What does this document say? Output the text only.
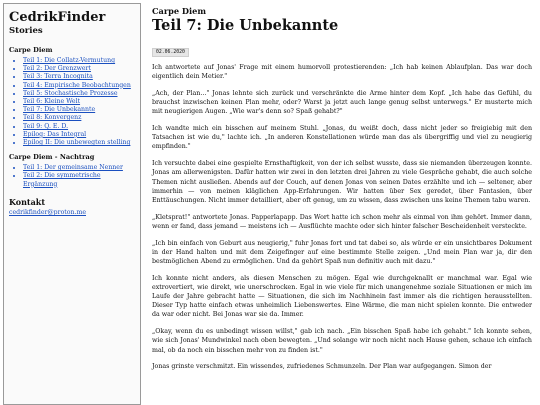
CedrikFinder
Stories
Carpe Diem
• Teil 1: Die Collatz-Vermutung
• Teil 2: Der Grenzwert
• Teil 3: Terra Incognita
• Teil 4: Empirische Beobachtungen
• Teil 5: Stochastische Prozesse
• Teil 6: Kleine Welt
• Teil 7: Die Unbekannte
• Teil 8: Konvergenz
• Teil 9: Q. E. D.
• Epilog: Das Integral
• Epilog II: Die unbewegten stelling
Carpe Diem - Nachtrag
• Teil 1: Der gemeinsame Nenner
• Teil 2: Die symmetrische Ergänzung
Kontakt
cedrikfinder@proton.me
Carpe Diem
Teil 7: Die Unbekannte
02.06.2020

Ich antwortete auf Jonas' Frage mit einem humorvoll protestierenden: „Ich hab keinen Ablaufplan. Das war doch eigentlich dein Metier."

„Ach, der Plan..." Jonas lehnte sich zurück und verschränkte die Arme hinter dem Kopf. „Ich habe das Gefühl, du brauchst inzwischen keinen Plan mehr, oder? Warst ja jetzt auch lange genug selbst unterwegs." Er musterte mich mit neugierigen Augen. „Wie war's denn so? Spaß gehabt?"

Ich wandte mich ein bisschen auf meinem Stuhl. „Jonas, du weißt doch, dass nicht jeder so freigiebig mit den Tatsachen ist wie du," lachte ich. „In anderen Konstellationen würde man das als übergriffig und viel zu neugierig empfinden."

Ich versuchte dabei eine gespielte Ernsthaftigkeit, von der ich selbst wusste, dass sie niemanden überzeugen konnte. Jonas am allerwenigsten. Dafür hatten wir zwei in den letzten drei Jahren zu viele Gespräche gehabt, die auch solche Themen nicht ausließen. Abends auf der Couch, auf denen Jonas von seinen Dates erzählte und ich — seltener, aber immerhin — von meinen kläglichen App-Erfahrungen. Wir hatten über Sex geredet, über Fantasien, über Enttäuschungen. Nicht immer detailliert, aber oft genug, um zu wissen, dass zwischen uns keine Themen tabu waren.

„Kletsprat!" antwortete Jonas. Papperlapapp. Das Wort hatte ich schon mehr als einmal von ihm gehört. Immer dann, wenn er fand, dass jemand — meistens ich — Ausflüchte machte oder sich hinter falscher Bescheidenheit versteckte.

„Ich bin einfach von Geburt aus neugierig," fuhr Jonas fort und tat dabei so, als würde er ein unsichtbares Dokument in der Hand halten und mit dem Zeigefinger auf eine bestimmte Stelle zeigen. „Und mein Plan war ja, dir den bestmöglichen Abend zu ermöglichen. Und da gehört Spaß nun definitiv auch mit dazu."

Ich konnte nicht anders, als diesen Menschen zu mögen. Egal wie durchgeknallt er manchmal war. Egal wie extrovertiert, wie direkt, wie unerschrocken. Egal in wie viele für mich unangenehme soziale Situationen er mich im Laufe der Jahre gebracht hatte — Situationen, die sich im Nachhinein fast immer als die richtigen herausstellten. Dieser Typ hatte einfach etwas unheimlich Liebenswertes. Eine Wärme, die man nicht spielen konnte. Die entweder da war oder nicht. Bei Jonas war sie da. Immer.

„Okay, wenn du es unbedingt wissen willst," gab ich nach. „Ein bisschen Spaß habe ich gehabt." Ich konnte sehen, wie sich Jonas' Mundwinkel nach oben bewegten. „Und solange wir noch nicht nach Hause gehen, schaue ich einfach mal, ob da noch ein bisschen mehr von zu finden ist."

Jonas grinste verschmitzt. Ein wissendes, zufriedenes Schmunzeln. Der Plan war aufgegangen. Simon der
